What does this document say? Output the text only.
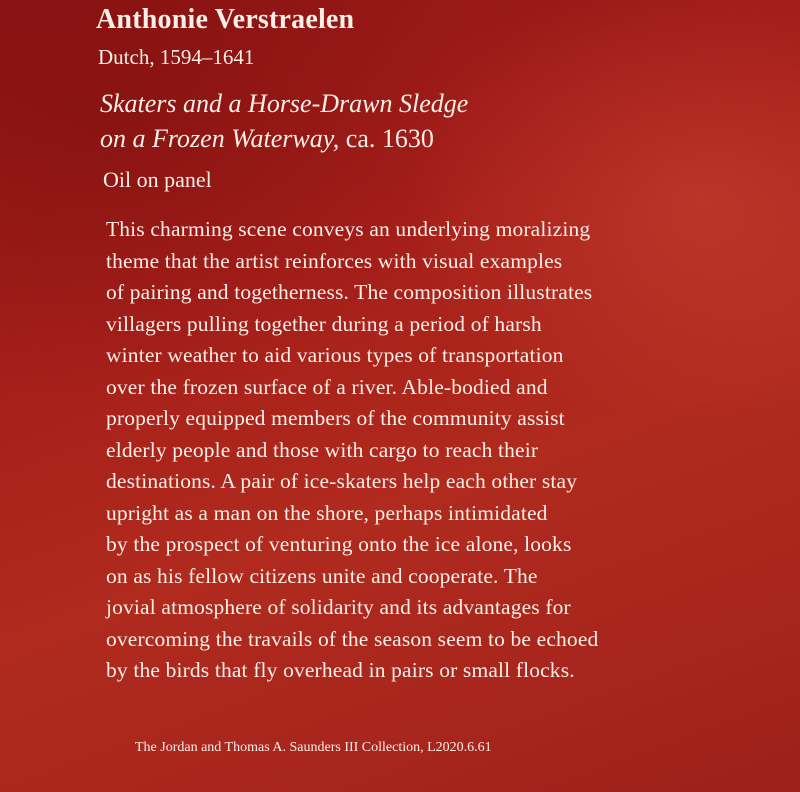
Anthonie Verstraelen
Dutch, 1594–1641
Skaters and a Horse-Drawn Sledge
on a Frozen Waterway, ca. 1630
Oil on panel
This charming scene conveys an underlying moralizing
theme that the artist reinforces with visual examples
of pairing and togetherness. The composition illustrates
villagers pulling together during a period of harsh
winter weather to aid various types of transportation
over the frozen surface of a river. Able-bodied and
properly equipped members of the community assist
elderly people and those with cargo to reach their
destinations. A pair of ice-skaters help each other stay
upright as a man on the shore, perhaps intimidated
by the prospect of venturing onto the ice alone, looks
on as his fellow citizens unite and cooperate. The
jovial atmosphere of solidarity and its advantages for
overcoming the travails of the season seem to be echoed
by the birds that fly overhead in pairs or small flocks.
The Jordan and Thomas A. Saunders III Collection, L2020.6.61
